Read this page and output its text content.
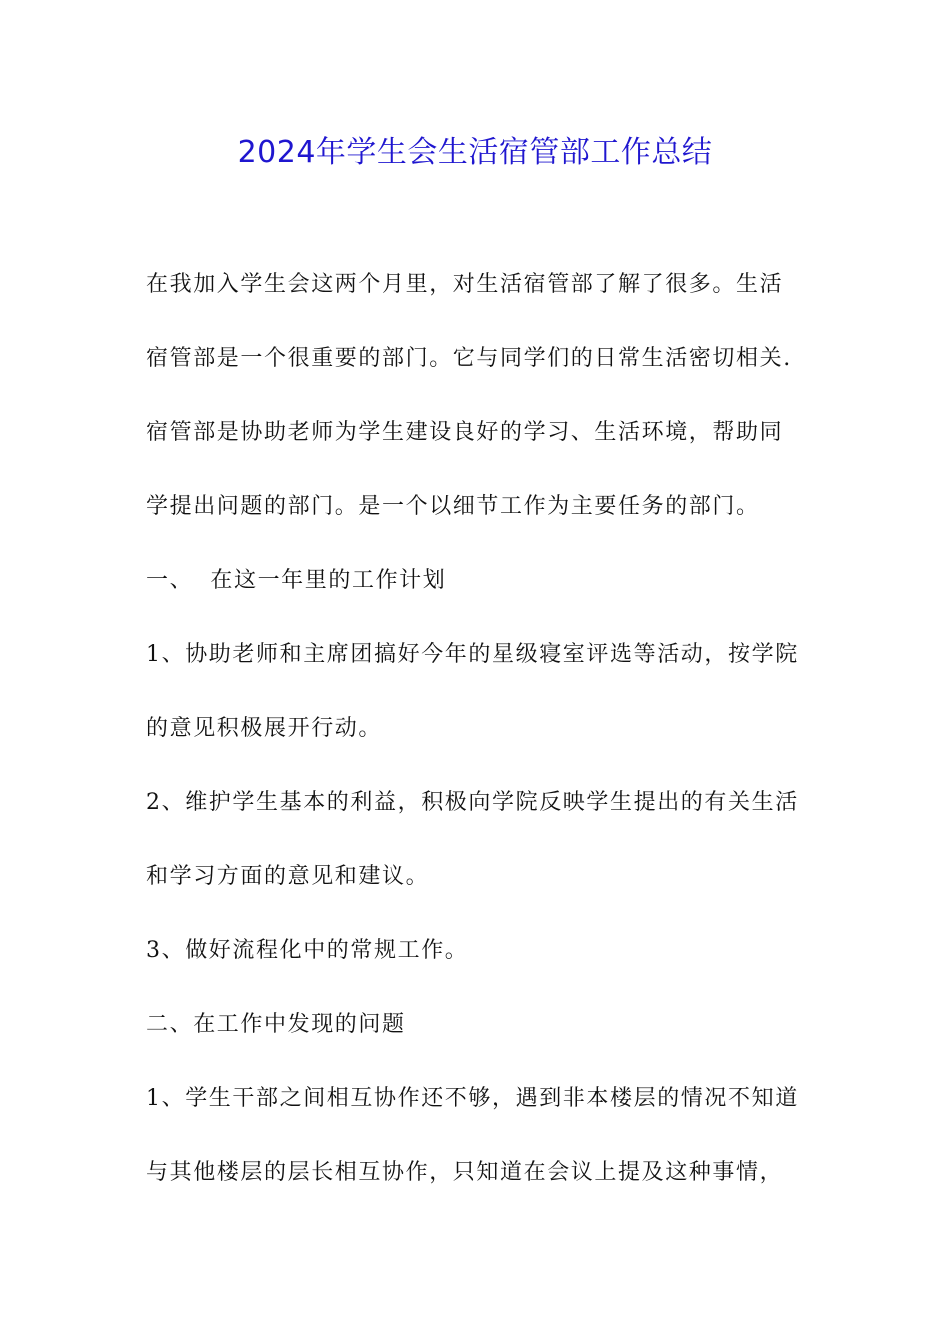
2024年学生会生活宿管部工作总结
在我加入学生会这两个月里，对生活宿管部了解了很多。生活
宿管部是一个很重要的部门。它与同学们的日常生活密切相关.
宿管部是协助老师为学生建设良好的学习、生活环境，帮助同
学提出问题的部门。是一个以细节工作为主要任务的部门。
一、  在这一年里的工作计划
1、协助老师和主席团搞好今年的星级寝室评选等活动，按学院
的意见积极展开行动。
2、维护学生基本的利益，积极向学院反映学生提出的有关生活
和学习方面的意见和建议。
3、做好流程化中的常规工作。
二、在工作中发现的问题
1、学生干部之间相互协作还不够，遇到非本楼层的情况不知道
与其他楼层的层长相互协作，只知道在会议上提及这种事情，
